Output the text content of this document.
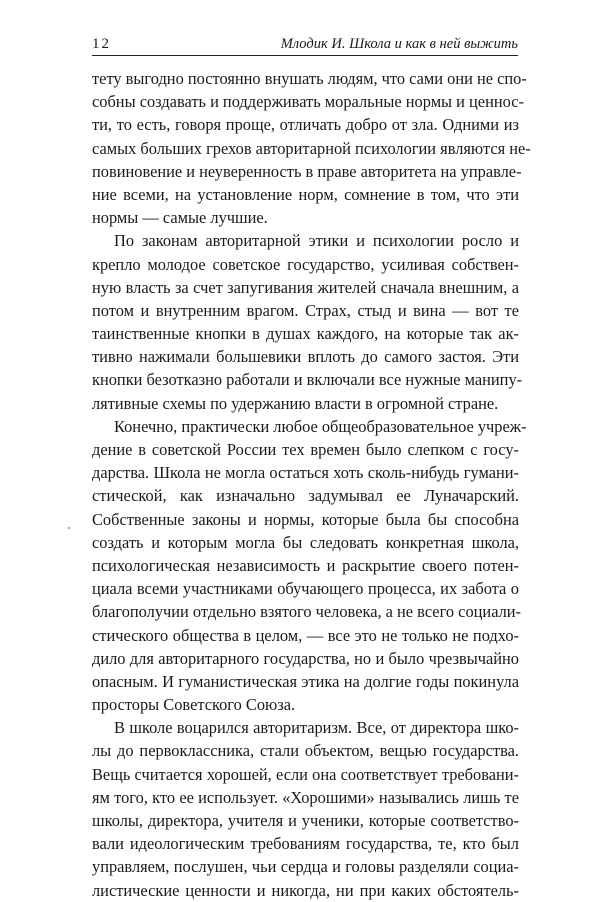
12	Млодик И. Школа и как в ней выжить
тету выгодно постоянно внушать людям, что сами они не спо-
собны создавать и поддерживать моральные нормы и ценнос-
ти, то есть, говоря проще, отличать добро от зла. Одними из
самых больших грехов авторитарной психологии являются не-
повиновение и неуверенность в праве авторитета на управле-
ние всеми, на установление норм, сомнение в том, что эти
нормы — самые лучшие.
По законам авторитарной этики и психологии росло и
крепло молодое советское государство, усиливая собствен-
ную власть за счет запугивания жителей сначала внешним, а
потом и внутренним врагом. Страх, стыд и вина — вот те
таинственные кнопки в душах каждого, на которые так ак-
тивно нажимали большевики вплоть до самого застоя. Эти
кнопки безотказно работали и включали все нужные манипу-
лятивные схемы по удержанию власти в огромной стране.
Конечно, практически любое общеобразовательное учреж-
дение в советской России тех времен было слепком с госу-
дарства. Школа не могла остаться хоть сколь-нибудь гумани-
стической, как изначально задумывал ее Луначарский.
Собственные законы и нормы, которые была бы способна
создать и которым могла бы следовать конкретная школа,
психологическая независимость и раскрытие своего потен-
циала всеми участниками обучающего процесса, их забота о
благополучии отдельно взятого человека, а не всего социали-
стического общества в целом, — все это не только не подхо-
дило для авторитарного государства, но и было чрезвычайно
опасным. И гуманистическая этика на долгие годы покинула
просторы Советского Союза.
В школе воцарился авторитаризм. Все, от директора шко-
лы до первоклассника, стали объектом, вещью государства.
Вещь считается хорошей, если она соответствует требовани-
ям того, кто ее использует. «Хорошими» назывались лишь те
школы, директора, учителя и ученики, которые соответство-
вали идеологическим требованиям государства, те, кто был
управляем, послушен, чьи сердца и головы разделяли социа-
листические ценности и никогда, ни при каких обстоятель-
